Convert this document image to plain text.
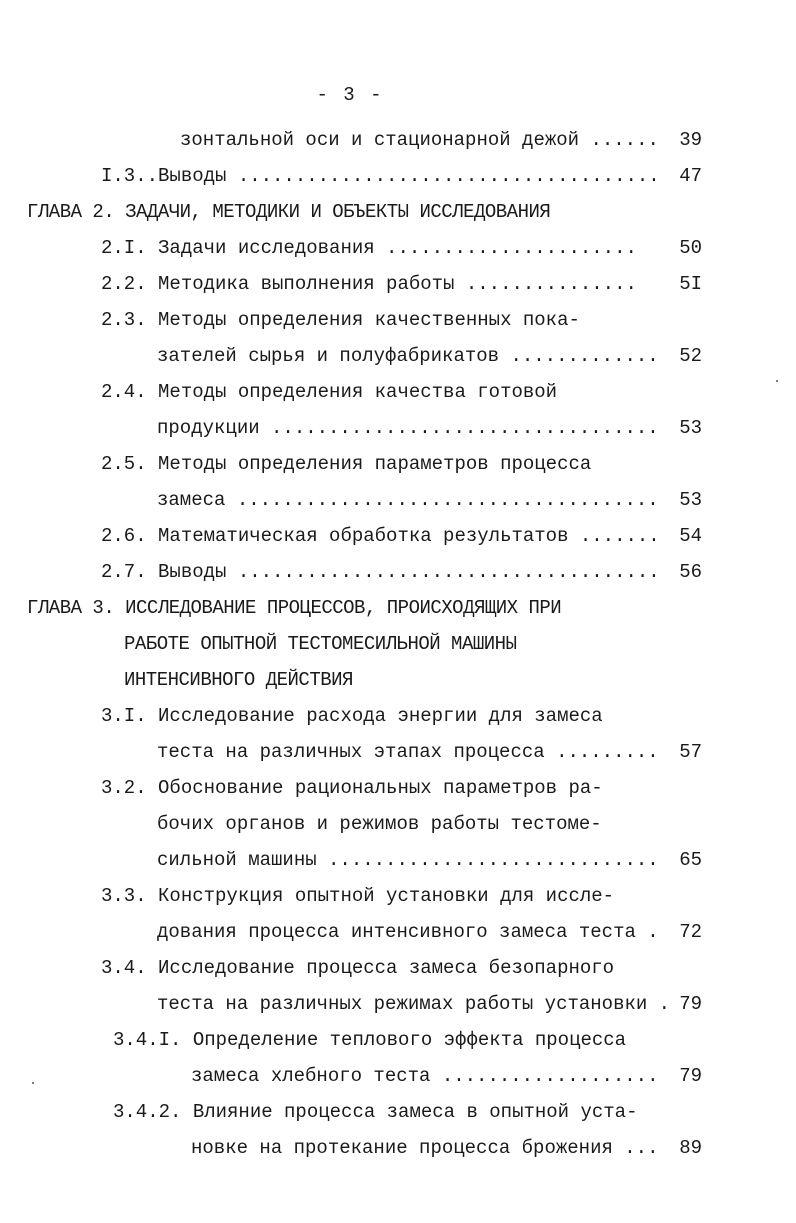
- 3 -
зонтальной оси и стационарной дежой ...... 39
I.3..Выводы ..................................... 47
ГЛАВА 2. ЗАДАЧИ, МЕТОДИКИ И ОБЪЕКТЫ ИССЛЕДОВАНИЯ
2.I. Задачи исследования ...................... 50
2.2. Методика выполнения работы ............... 5I
2.3. Методы определения качественных пока-
зателей сырья и полуфабрикатов ............. 52
2.4. Методы определения качества готовой
продукции .................................. 53
2.5. Методы определения параметров процесса
замеса ..................................... 53
2.6. Математическая обработка результатов ....... 54
2.7. Выводы ..................................... 56
ГЛАВА 3. ИССЛЕДОВАНИЕ ПРОЦЕССОВ, ПРОИСХОДЯЩИХ ПРИ
РАБОТЕ ОПЫТНОЙ ТЕСТОМЕСИЛЬНОЙ МАШИНЫ
ИНТЕНСИВНОГО ДЕЙСТВИЯ
3.I. Исследование расхода энергии для замеса
теста на различных этапах процесса ......... 57
3.2. Обоснование рациональных параметров ра-
бочих органов и режимов работы тестоме-
сильной машины ............................. 65
3.3. Конструкция опытной установки для иссле-
дования процесса интенсивного замеса теста . 72
3.4. Исследование процесса замеса безопарного
теста на различных режимах работы установки . 79
3.4.I. Определение теплового эффекта процесса
замеса хлебного теста ................... 79
3.4.2. Влияние процесса замеса в опытной уста-
новке на протекание процесса брожения ... 89
